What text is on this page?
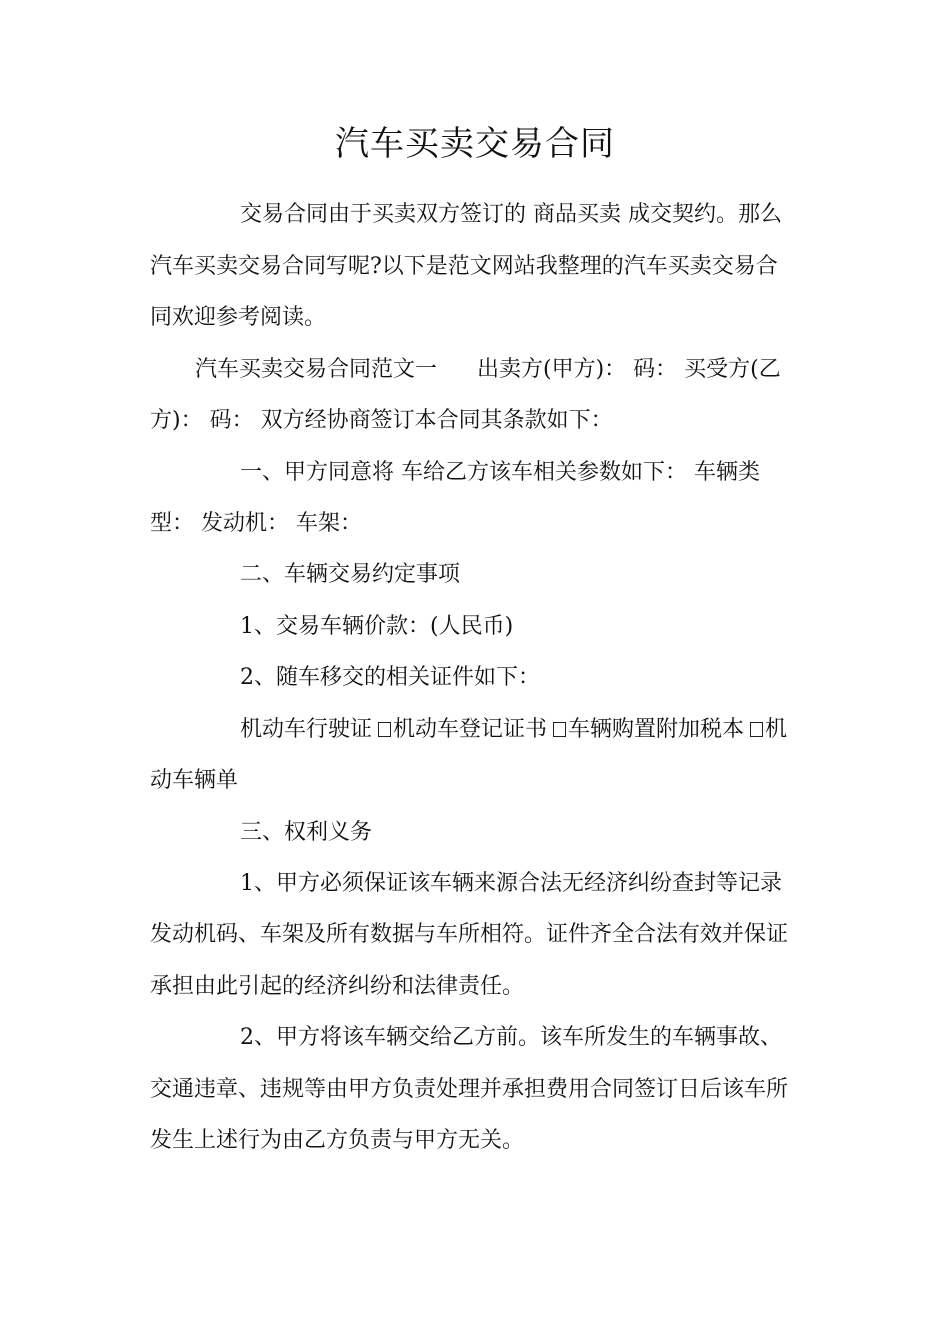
汽车买卖交易合同
交易合同由于买卖双方签订的 商品买卖 成交契约。那么
汽车买卖交易合同写呢?以下是范文网站我整理的汽车买卖交易合
同欢迎参考阅读。
汽车买卖交易合同范文一 出卖方(甲方)： 码： 买受方(乙
方)： 码： 双方经协商签订本合同其条款如下：
一、甲方同意将 车给乙方该车相关参数如下： 车辆类
型： 发动机： 车架：
二、车辆交易约定事项
1、交易车辆价款：(人民币)
2、随车移交的相关证件如下：
机动车行驶证 机动车登记证书 车辆购置附加税本 机
动车辆单
三、权利义务
1、甲方必须保证该车辆来源合法无经济纠纷查封等记录
发动机码、车架及所有数据与车所相符。证件齐全合法有效并保证
承担由此引起的经济纠纷和法律责任。
2、甲方将该车辆交给乙方前。该车所发生的车辆事故、
交通违章、违规等由甲方负责处理并承担费用合同签订日后该车所
发生上述行为由乙方负责与甲方无关。
